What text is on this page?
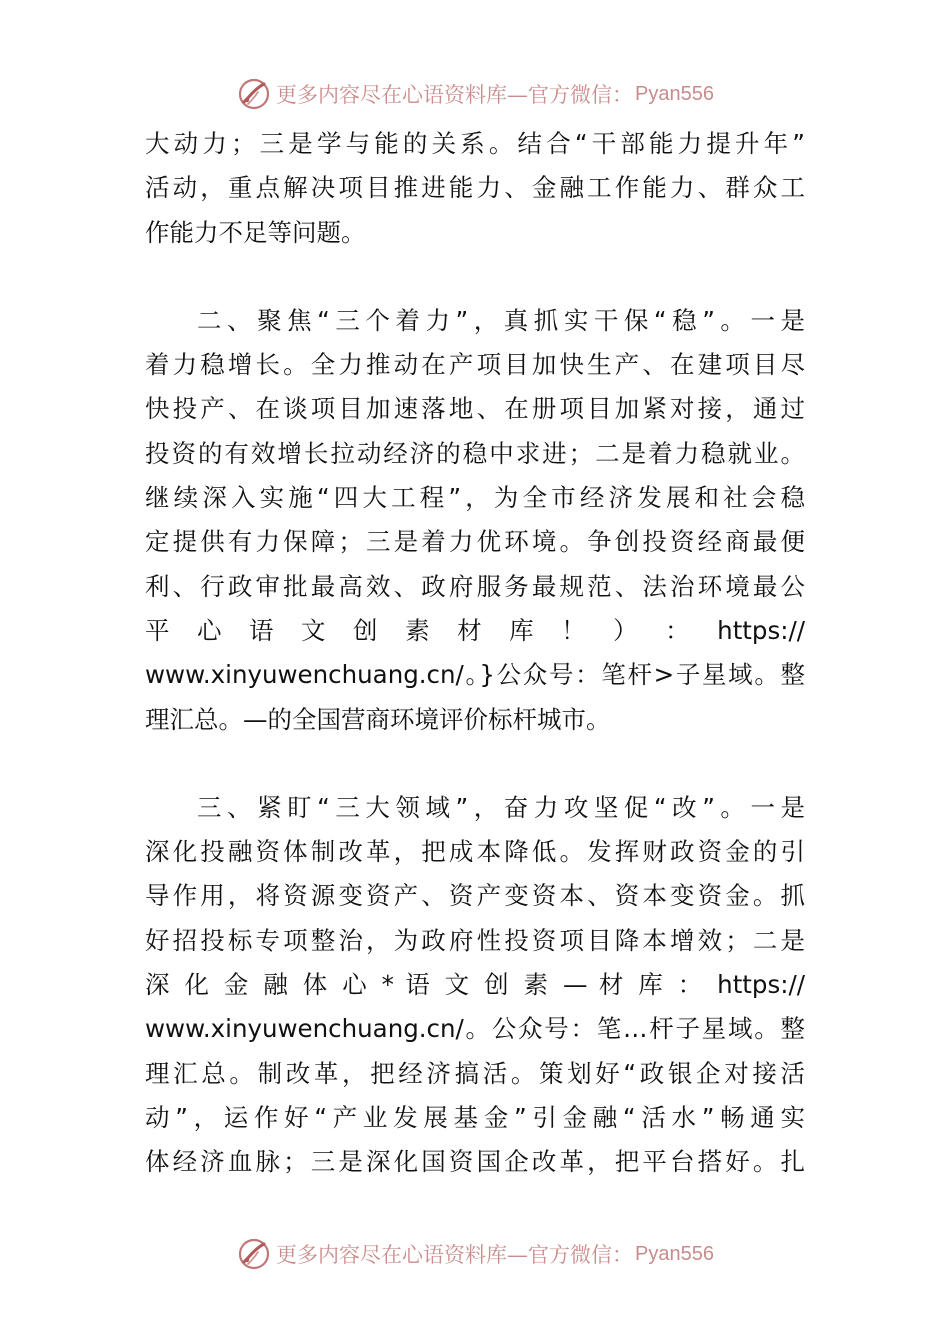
更多内容尽在心语资料库—官方微信： Pyan556
大动力；三是学与能的关系。结合“干部能力提升年”
活动，重点解决项目推进能力、金融工作能力、群众工
作能力不足等问题。
二、聚焦“三个着力”，真抓实干保“稳”。一是
着力稳增长。全力推动在产项目加快生产、在建项目尽
快投产、在谈项目加速落地、在册项目加紧对接，通过
投资的有效增长拉动经济的稳中求进；二是着力稳就业。
继续深入实施“四大工程”，为全市经济发展和社会稳
定提供有力保障；三是着力优环境。争创投资经商最便
利、行政审批最高效、政府服务最规范、法治环境最公
平 心 语 文 创 素 材 库 ！ ） ： https://
www.xinyuwenchuang.cn/。}公众号：笔杆>子星域。整
理汇总。—的全国营商环境评价标杆城市。
三、紧盯“三大领域”，奋力攻坚促“改”。一是
深化投融资体制改革，把成本降低。发挥财政资金的引
导作用，将资源变资产、资产变资本、资本变资金。抓
好招投标专项整治，为政府性投资项目降本增效；二是
深 化 金 融 体 心 * 语 文 创 素 — 材 库 ： https://
www.xinyuwenchuang.cn/。公众号：笔…杆子星域。整
理汇总。制改革，把经济搞活。策划好“政银企对接活
动”，运作好“产业发展基金”引金融“活水”畅通实
体经济血脉；三是深化国资国企改革，把平台搭好。扎
更多内容尽在心语资料库—官方微信： Pyan556
